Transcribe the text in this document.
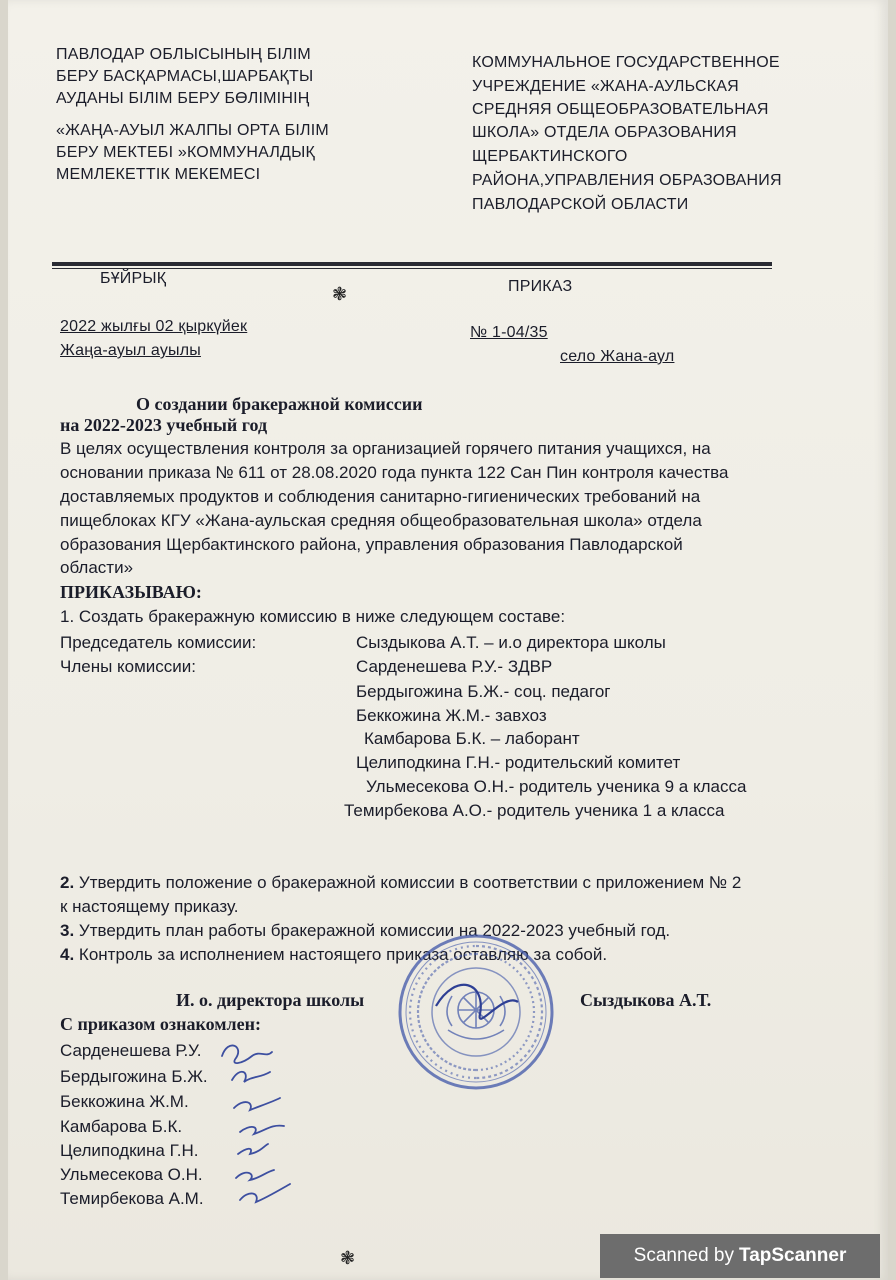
ПАВЛОДАР ОБЛЫСЫНЫҢ БІЛІМ
БЕРУ БАСҚАРМАСЫ,ШАРБАҚТЫ
АУДАНЫ БІЛІМ БЕРУ БӨЛІМІНІҢ
«ЖАҢА-АУЫЛ ЖАЛПЫ ОРТА БІЛІМ
БЕРУ МЕКТЕБІ »КОММУНАЛДЫҚ
МЕМЛЕКЕТТІК МЕКЕМЕСІ
КОММУНАЛЬНОЕ ГОСУДАРСТВЕННОЕ
УЧРЕЖДЕНИЕ «ЖАНА-АУЛЬСКАЯ
СРЕДНЯЯ ОБЩЕОБРАЗОВАТЕЛЬНАЯ
ШКОЛА» ОТДЕЛА ОБРАЗОВАНИЯ
ЩЕРБАКТИНСКОГО
РАЙОНА,УПРАВЛЕНИЯ ОБРАЗОВАНИЯ
ПАВЛОДАРСКОЙ ОБЛАСТИ
БҰЙРЫҚ	ПРИКАЗ
❃
2022 жылғы 02 қыркүйек
Жаңа-ауыл ауылы
№ 1-04/35
село Жана-аул
О создании бракеражной комиссии
на 2022-2023 учебный год
В целях осуществления контроля за организацией горячего питания учащихся, на
основании приказа № 611 от 28.08.2020 года пункта 122 Сан Пин контроля качества
доставляемых продуктов и соблюдения санитарно-гигиенических требований на
пищеблоках КГУ «Жана-аульская средняя общеобразовательная школа» отдела
образования Щербактинского района, управления образования Павлодарской
области»
ПРИКАЗЫВАЮ:
1. Создать бракеражную комиссию в ниже следующем составе:
Председатель комиссии:	Сыздыкова А.Т. – и.о директора школы
Члены комиссии:	Сарденешева Р.У.- ЗДВР
Бердыгожина Б.Ж.- соц. педагог
Беккожина Ж.М.- завхоз
Камбарова Б.К. – лаборант
Целиподкина Г.Н.- родительский комитет
Ульмесекова О.Н.- родитель ученика 9 а класса
Темирбекова А.О.- родитель ученика 1 а класса
2. Утвердить положение о бракеражной комиссии в соответствии с приложением № 2
к настоящему приказу.
3. Утвердить план работы бракеражной комиссии на 2022-2023 учебный год.
4. Контроль за исполнением настоящего приказа оставляю за собой.
И. о. директора школы	Сыздыкова А.Т.
С приказом ознакомлен:
Сарденешева Р.У.
Бердыгожина Б.Ж.
Беккожина Ж.М.
Камбарова Б.К.
Целиподкина Г.Н.
Ульмесекова О.Н.
Темирбекова А.М.
❃	Scanned by TapScanner
